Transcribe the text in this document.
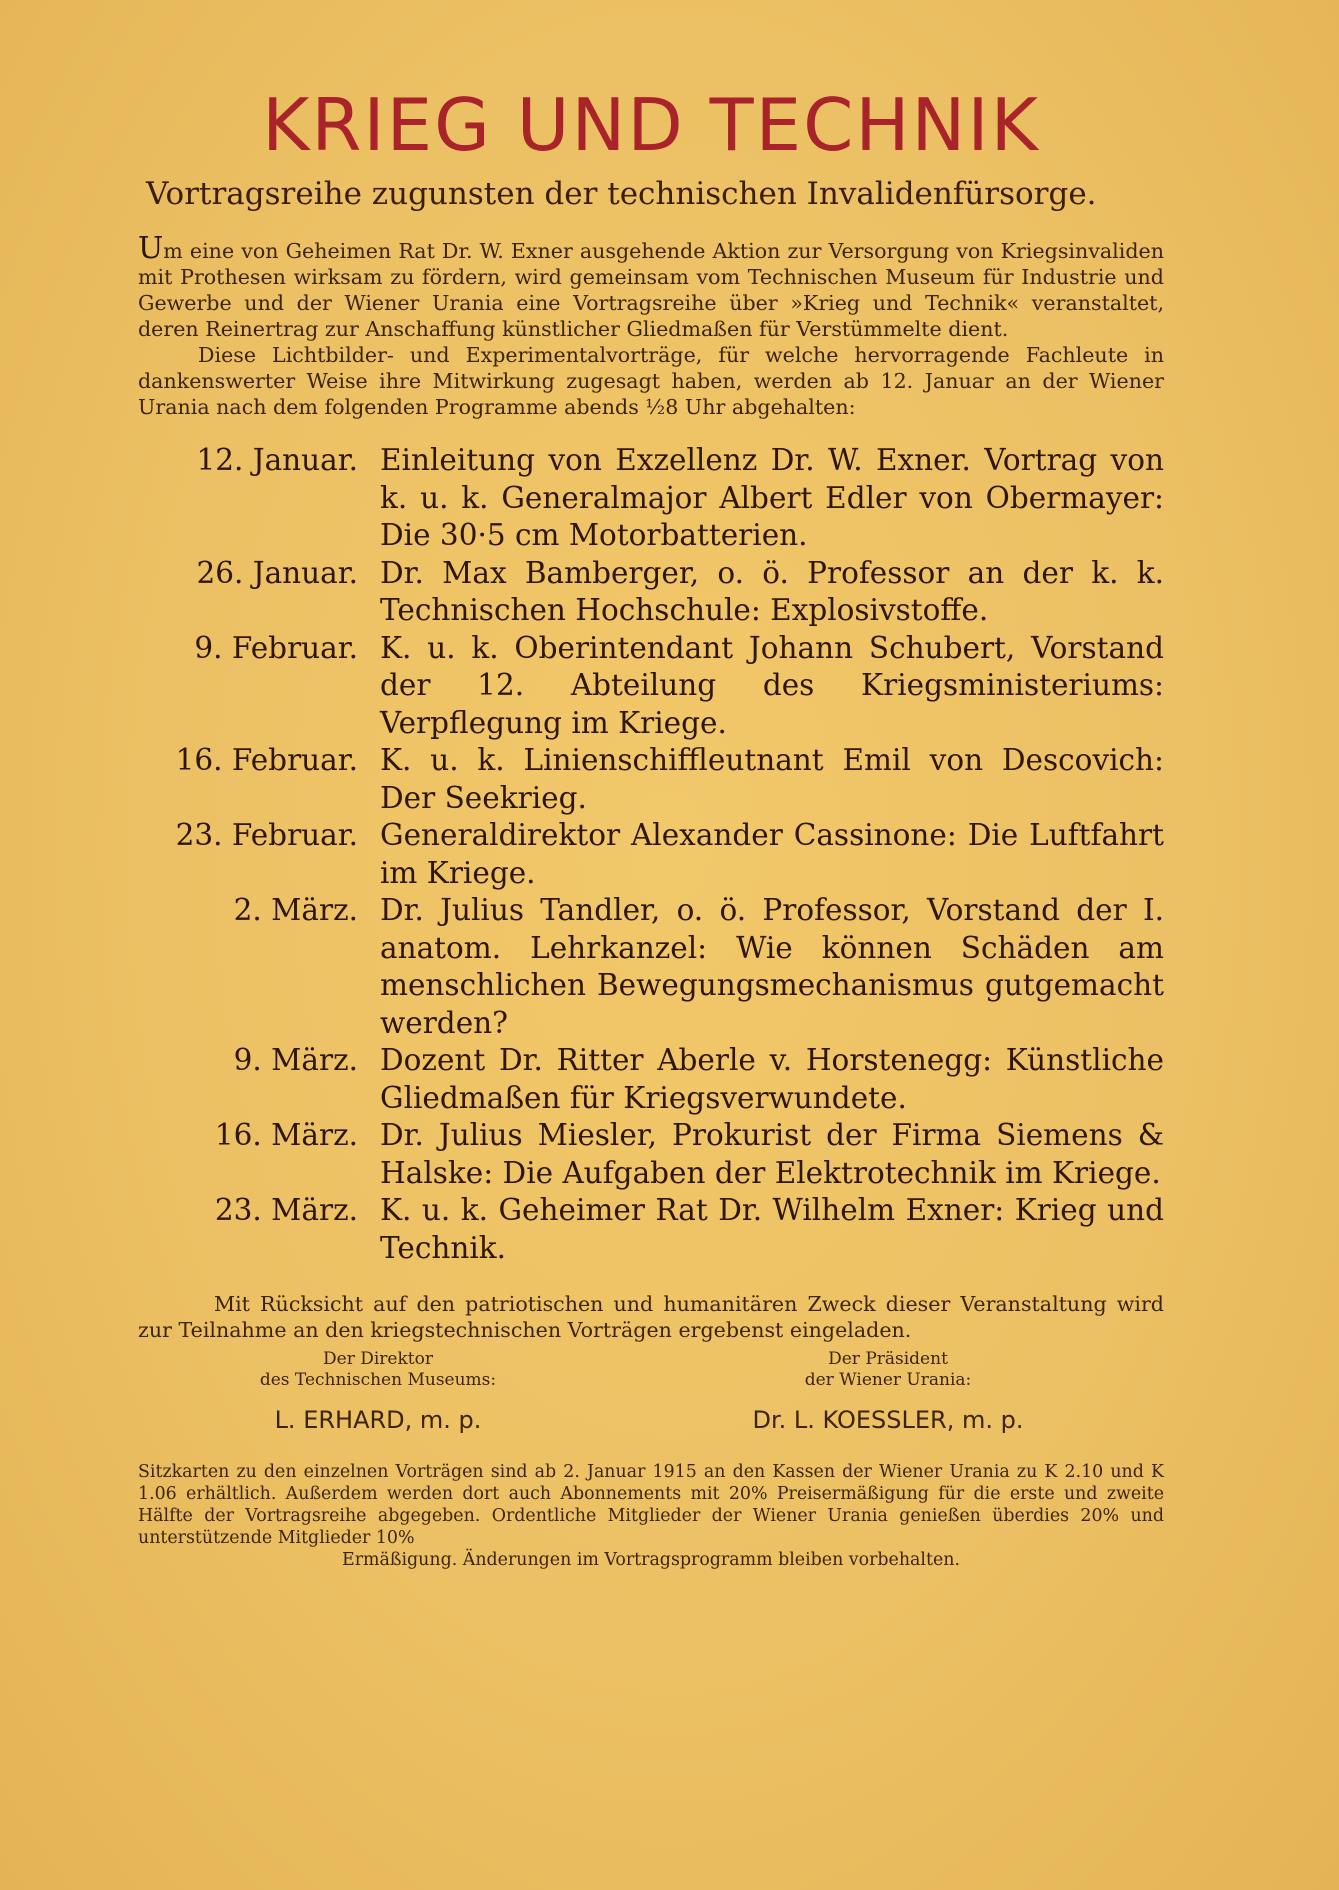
KRIEG UND TECHNIK
Vortragsreihe zugunsten der technischen Invalidenfürsorge.

Um eine von Geheimen Rat Dr. W. Exner ausgehende Aktion zur Versorgung von Kriegsinvaliden mit Prothesen wirksam zu fördern, wird gemeinsam vom Technischen Museum für Industrie und Gewerbe und der Wiener Urania eine Vortragsreihe über »Krieg und Technik« veranstaltet, deren Reinertrag zur Anschaffung künstlicher Gliedmaßen für Verstümmelte dient.

Diese Lichtbilder- und Experimentalvorträge, für welche hervorragende Fachleute in dankenswerter Weise ihre Mitwirkung zugesagt haben, werden ab 12. Januar an der Wiener Urania nach dem folgenden Programme abends ½8 Uhr abgehalten:

12. Januar. Einleitung von Exzellenz Dr. W. Exner. Vortrag von k. u. k. Generalmajor Albert Edler von Obermayer: Die 30·5 cm Motorbatterien.
26. Januar. Dr. Max Bamberger, o. ö. Professor an der k. k. Technischen Hochschule: Explosivstoffe.
9. Februar. K. u. k. Oberintendant Johann Schubert, Vorstand der 12. Abteilung des Kriegsministeriums: Verpflegung im Kriege.
16. Februar. K. u. k. Linienschiffleutnant Emil von Descovich: Der Seekrieg.
23. Februar. Generaldirektor Alexander Cassinone: Die Luftfahrt im Kriege.
2. März. Dr. Julius Tandler, o. ö. Professor, Vorstand der I. anatom. Lehrkanzel: Wie können Schäden am menschlichen Bewegungsmechanismus gutgemacht werden?
9. März. Dozent Dr. Ritter Aberle v. Horstenegg: Künstliche Gliedmaßen für Kriegsverwundete.
16. März. Dr. Julius Miesler, Prokurist der Firma Siemens & Halske: Die Aufgaben der Elektrotechnik im Kriege.
23. März. K. u. k. Geheimer Rat Dr. Wilhelm Exner: Krieg und Technik.
Mit Rücksicht auf den patriotischen und humanitären Zweck dieser Veranstaltung wird zur Teilnahme an den kriegstechnischen Vorträgen ergebenst eingeladen.
Der Direktor
des Technischen Museums:
L. ERHARD, m. p.
Der Präsident
der Wiener Urania:
Dr. L. KOESSLER, m. p.
Sitzkarten zu den einzelnen Vorträgen sind ab 2. Januar 1915 an den Kassen der Wiener Urania zu K 2.10 und K 1.06 erhältlich. Außerdem werden dort auch Abonnements mit 20% Preisermäßigung für die erste und zweite Hälfte der Vortragsreihe abgegeben. Ordentliche Mitglieder der Wiener Urania genießen überdies 20% und unterstützende Mitglieder 10%
Ermäßigung. Änderungen im Vortragsprogramm bleiben vorbehalten.
